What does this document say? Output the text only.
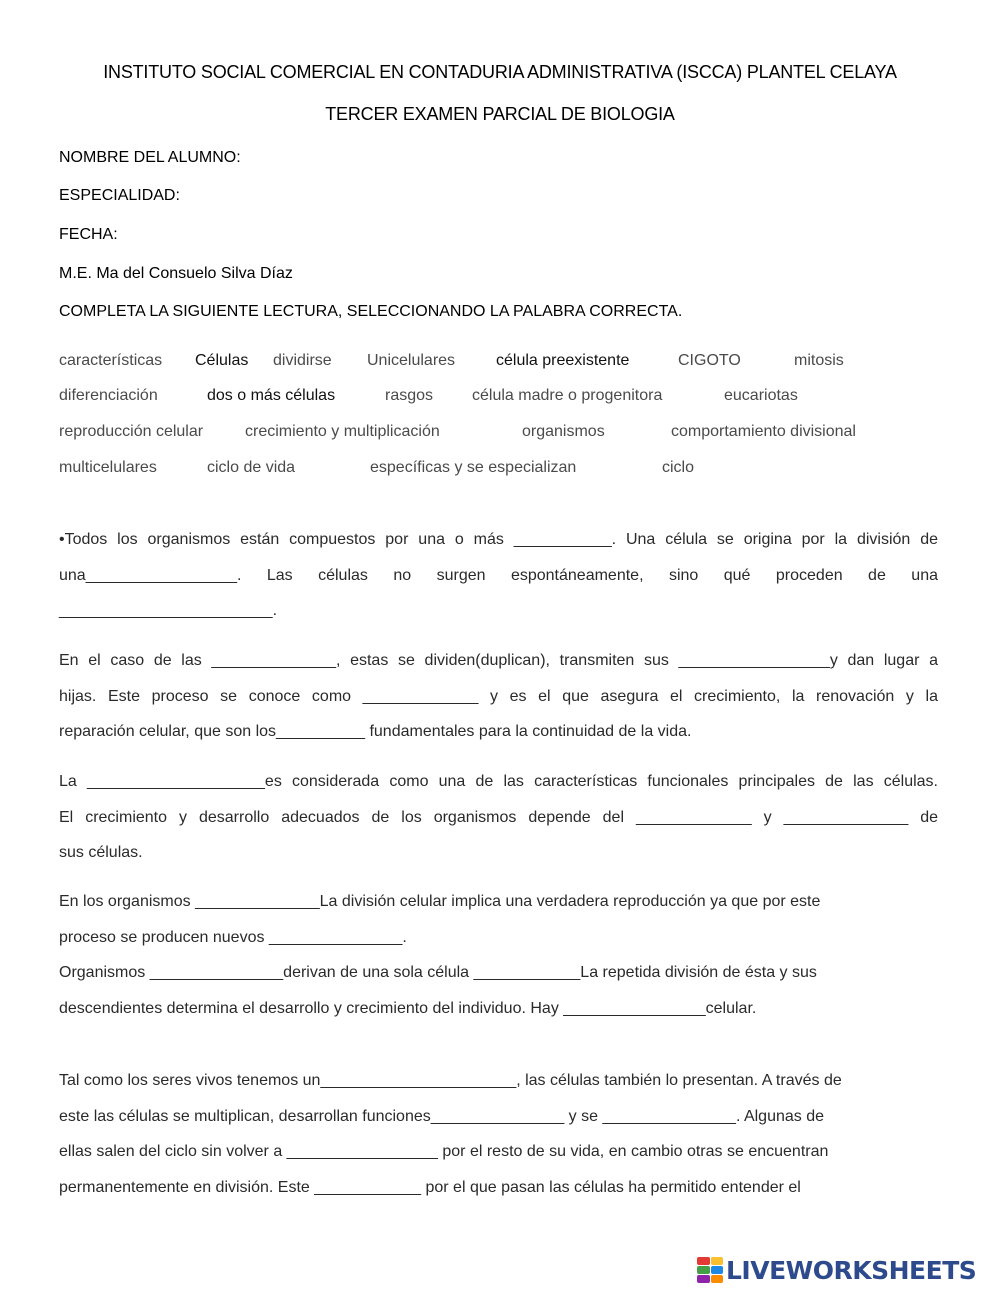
INSTITUTO SOCIAL COMERCIAL EN CONTADURIA ADMINISTRATIVA (ISCCA) PLANTEL CELAYA
TERCER EXAMEN PARCIAL DE BIOLOGIA
NOMBRE DEL ALUMNO:
ESPECIALIDAD:
FECHA:
M.E. Ma del Consuelo Silva Díaz
COMPLETA LA SIGUIENTE LECTURA, SELECCIONANDO LA PALABRA CORRECTA.
características Células dividirse Unicelulares	célula preexistente	CIGOTO	mitosis
diferenciación	dos o más células	rasgos célula madre o progenitora	eucariotas
reproducción celular	crecimiento y multiplicación	organismos	comportamiento divisional
multicelulares	ciclo de vida	específicas y se especializan	ciclo
•Todos los organismos están compuestos por una o más ___________. Una célula se origina por la división de
una_________________. Las células no surgen espontáneamente, sino qué proceden de una
________________________.
En el caso de las ______________, estas se dividen(duplican), transmiten sus _________________y dan lugar a
hijas. Este proceso se conoce como _____________ y es el que asegura el crecimiento, la renovación y la
reparación celular, que son los__________ fundamentales para la continuidad de la vida.
La ____________________es considerada como una de las características funcionales principales de las células.
El crecimiento y desarrollo adecuados de los organismos depende del _____________ y ______________ de
sus células.
En los organismos ______________La división celular implica una verdadera reproducción ya que por este
proceso se producen nuevos _______________.
Organismos _______________derivan de una sola célula ____________La repetida división de ésta y sus
descendientes determina el desarrollo y crecimiento del individuo. Hay ________________celular.
Tal como los seres vivos tenemos un______________________, las células también lo presentan. A través de
este las células se multiplican, desarrollan funciones_______________ y se _______________. Algunas de
ellas salen del ciclo sin volver a _________________ por el resto de su vida, en cambio otras se encuentran
permanentemente en división. Este ____________ por el que pasan las células ha permitido entender el
LIVEWORKSHEETS
